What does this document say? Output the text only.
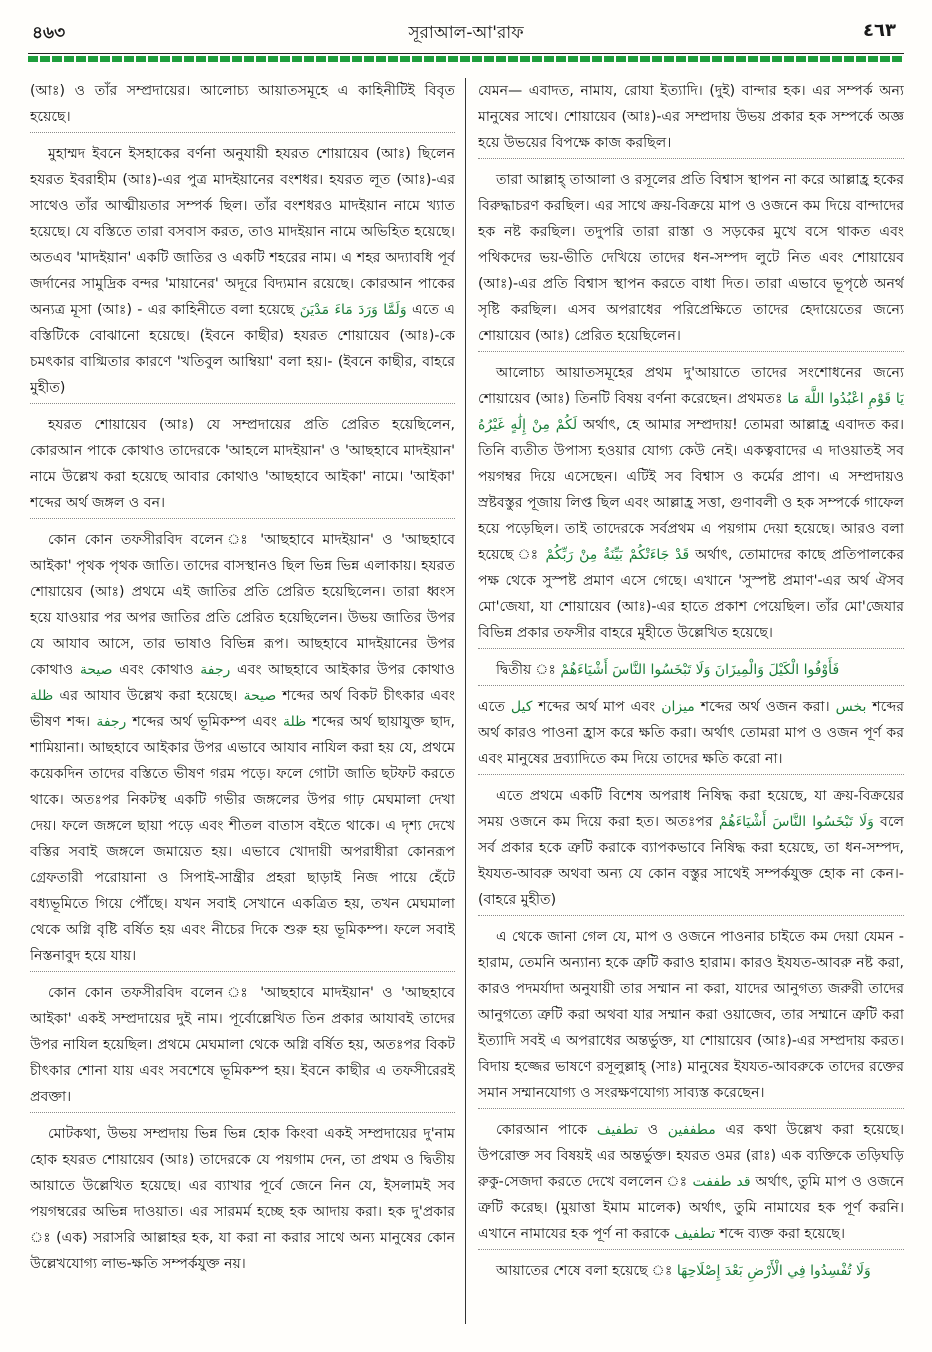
৪৬৩	সূরাআল-আ'রাফ	٤٦٣

(আঃ) ও তাঁর সম্প্রদায়ের। আলোচ্য আয়াতসমূহে এ কাহিনীটিই বিবৃত হয়েছে।

মুহাম্মদ ইবনে ইসহাকের বর্ণনা অনুযায়ী হযরত শোয়ায়েব (আঃ) ছিলেন হযরত ইবরাহীম (আঃ)-এর পুত্র মাদইয়ানের বংশধর। হযরত লূত (আঃ)-এর সাথেও তাঁর আত্মীয়তার সম্পর্ক ছিল। তাঁর বংশধরও মাদইয়ান নামে খ্যাত হয়েছে। যে বস্তিতে তারা বসবাস করত, তাও মাদইয়ান নামে অভিহিত হয়েছে। অতএব 'মাদইয়ান' একটি জাতির ও একটি শহরের নাম। এ শহর অদ্যাবধি পূর্ব জর্দানের সামুদ্রিক বন্দর 'মায়ানের' অদূরে বিদ্যমান রয়েছে। কোরআন পাকের অন্যত্র মূসা (আঃ) - এর কাহিনীতে বলা হয়েছে وَلَمَّا وَرَدَ مَاءَ مَدْيَنَ এতে এ বস্তিটিকে বোঝানো হয়েছে। (ইবনে কাছীর) হযরত শোয়ায়েব (আঃ)-কে চমৎকার বাগ্মিতার কারণে 'খতিবুল আম্বিয়া' বলা হয়।- (ইবনে কাছীর, বাহরে মুহীত)

হযরত শোয়ায়েব (আঃ) যে সম্প্রদায়ের প্রতি প্রেরিত হয়েছিলেন, কোরআন পাকে কোথাও তাদেরকে 'আহলে মাদইয়ান' ও 'আছহাবে মাদইয়ান' নামে উল্লেখ করা হয়েছে আবার কোথাও 'আছহাবে আইকা' নামে। 'আইকা' শব্দের অর্থ জঙ্গল ও বন।

কোন কোন তফসীরবিদ বলেন ঃ 'আছহাবে মাদইয়ান' ও 'আছহাবে আইকা' পৃথক পৃথক জাতি। তাদের বাসস্থানও ছিল ভিন্ন ভিন্ন এলাকায়। হযরত শোয়ায়েব (আঃ) প্রথমে এই জাতির প্রতি প্রেরিত হয়েছিলেন। তারা ধ্বংস হয়ে যাওয়ার পর অপর জাতির প্রতি প্রেরিত হয়েছিলেন। উভয় জাতির উপর যে আযাব আসে, তার ভাষাও বিভিন্ন রূপ। আছহাবে মাদইয়ানের উপর কোথাও صيحة এবং কোথাও رجفة এবং আছহাবে আইকার উপর কোথাও ظلة এর আযাব উল্লেখ করা হয়েছে। صيحة শব্দের অর্থ বিকট চীৎকার এবং ভীষণ শব্দ। رجفة শব্দের অর্থ ভূমিকম্প এবং ظلة শব্দের অর্থ ছায়াযুক্ত ছাদ, শামিয়ানা। আছহাবে আইকার উপর এভাবে আযাব নাযিল করা হয় যে, প্রথমে কয়েকদিন তাদের বস্তিতে ভীষণ গরম পড়ে। ফলে গোটা জাতি ছটফট করতে থাকে। অতঃপর নিকটস্থ একটি গভীর জঙ্গলের উপর গাঢ় মেঘমালা দেখা দেয়। ফলে জঙ্গলে ছায়া পড়ে এবং শীতল বাতাস বইতে থাকে। এ দৃশ্য দেখে বস্তির সবাই জঙ্গলে জমায়েত হয়। এভাবে খোদায়ী অপরাধীরা কোনরূপ গ্রেফতারী পরোয়ানা ও সিপাই-সান্ত্রীর প্রহরা ছাড়াই নিজ পায়ে হেঁটে বধ্যভূমিতে গিয়ে পৌঁছে। যখন সবাই সেখানে একত্রিত হয়, তখন মেঘমালা থেকে অগ্নি বৃষ্টি বর্ষিত হয় এবং নীচের দিকে শুরু হয় ভূমিকম্প। ফলে সবাই নিস্তনাবুদ হয়ে যায়।

কোন কোন তফসীরবিদ বলেন ঃ 'আছহাবে মাদইয়ান' ও 'আছহাবে আইকা' একই সম্প্রদায়ের দুই নাম। পূর্বোল্লেখিত তিন প্রকার আযাবই তাদের উপর নাযিল হয়েছিল। প্রথমে মেঘমালা থেকে অগ্নি বর্ষিত হয়, অতঃপর বিকট চীৎকার শোনা যায় এবং সবশেষে ভূমিকম্প হয়। ইবনে কাছীর এ তফসীরেরই প্রবক্তা।

মোটকথা, উভয় সম্প্রদায় ভিন্ন ভিন্ন হোক কিংবা একই সম্প্রদায়ের দু'নাম হোক হযরত শোয়ায়েব (আঃ) তাদেরকে যে পয়গাম দেন, তা প্রথম ও দ্বিতীয় আয়াতে উল্লেখিত হয়েছে। এর ব্যাখার পূর্বে জেনে নিন যে, ইসলামই সব পয়গম্বরের অভিন্ন দাওয়াত। এর সারমর্ম হচ্ছে হক আদায় করা। হক দু'প্রকার ঃ (এক) সরাসরি আল্লাহর হক, যা করা না করার সাথে অন্য মানুষের কোন উল্লেখযোগ্য লাভ-ক্ষতি সম্পর্কযুক্ত নয়।

যেমন— এবাদত, নামায, রোযা ইত্যাদি। (দুই) বান্দার হক। এর সম্পর্ক অন্য মানুষের সাথে। শোয়ায়েব (আঃ)-এর সম্প্রদায় উভয় প্রকার হক সম্পর্কে অজ্ঞ হয়ে উভয়ের বিপক্ষে কাজ করছিল।

তারা আল্লাহ্ তাআলা ও রসূলের প্রতি বিশ্বাস স্থাপন না করে আল্লাহ্র হকের বিরুদ্ধাচরণ করছিল। এর সাথে ক্রয়-বিক্রয়ে মাপ ও ওজনে কম দিয়ে বান্দাদের হক নষ্ট করছিল। তদুপরি তারা রাস্তা ও সড়কের মুখে বসে থাকত এবং পথিকদের ভয়-ভীতি দেখিয়ে তাদের ধন-সম্পদ লুটে নিত এবং শোয়ায়েব (আঃ)-এর প্রতি বিশ্বাস স্থাপন করতে বাধা দিত। তারা এভাবে ভূপৃষ্ঠে অনর্থ সৃষ্টি করছিল। এসব অপরাধের পরিপ্রেক্ষিতে তাদের হেদায়েতের জন্যে শোয়ায়েব (আঃ) প্রেরিত হয়েছিলেন।

আলোচ্য আয়াতসমূহের প্রথম দু'আয়াতে তাদের সংশোধনের জন্যে শোয়ায়েব (আঃ) তিনটি বিষয় বর্ণনা করেছেন। প্রথমতঃ يَا قَوْمِ اعْبُدُوا اللَّهَ مَا لَكُمْ مِنْ إِلَٰهٍ غَيْرُهُ অর্থাৎ, হে আমার সম্প্রদায়! তোমরা আল্লাহ্র এবাদত কর। তিনি ব্যতীত উপাস্য হওয়ার যোগ্য কেউ নেই। একত্ববাদের এ দাওয়াতই সব পয়গম্বর দিয়ে এসেছেন। এটিই সব বিশ্বাস ও কর্মের প্রাণ। এ সম্প্রদায়ও স্রষ্টবস্তুর পূজায় লিপ্ত ছিল এবং আল্লাহ্র সত্তা, গুণাবলী ও হক সম্পর্কে গাফেল হয়ে পড়েছিল। তাই তাদেরকে সর্বপ্রথম এ পয়গাম দেয়া হয়েছে। আরও বলা হয়েছে ঃ قَدْ جَاءَتْكُمْ بَيِّنَةٌ مِنْ رَبِّكُمْ অর্থাৎ, তোমাদের কাছে প্রতিপালকের পক্ষ থেকে সুস্পষ্ট প্রমাণ এসে গেছে। এখানে 'সুস্পষ্ট প্রমাণ'-এর অর্থ ঐসব মো'জেযা, যা শোয়ায়েব (আঃ)-এর হাতে প্রকাশ পেয়েছিল। তাঁর মো'জেযার বিভিন্ন প্রকার তফসীর বাহরে মুহীতে উল্লেখিত হয়েছে।

দ্বিতীয় ঃ فَأَوْفُوا الْكَيْلَ وَالْمِيزَانَ وَلَا تَبْخَسُوا النَّاسَ أَشْيَاءَهُمْ

এতে كيل শব্দের অর্থ মাপ এবং ميزان শব্দের অর্থ ওজন করা। بخس শব্দের অর্থ কারও পাওনা হ্রাস করে ক্ষতি করা। অর্থাৎ তোমরা মাপ ও ওজন পূর্ণ কর এবং মানুষের দ্রব্যাদিতে কম দিয়ে তাদের ক্ষতি করো না।

এতে প্রথমে একটি বিশেষ অপরাধ নিষিদ্ধ করা হয়েছে, যা ক্রয়-বিক্রয়ের সময় ওজনে কম দিয়ে করা হত। অতঃপর وَلَا تَبْخَسُوا النَّاسَ أَشْيَاءَهُمْ বলে সর্ব প্রকার হকে ত্রুটি করাকে ব্যাপকভাবে নিষিদ্ধ করা হয়েছে, তা ধন-সম্পদ, ইযযত-আবরু অথবা অন্য যে কোন বস্তুর সাথেই সম্পর্কযুক্ত হোক না কেন।- (বাহরে মুহীত)

এ থেকে জানা গেল যে, মাপ ও ওজনে পাওনার চাইতে কম দেয়া যেমন - হারাম, তেমনি অন্যান্য হকে ত্রুটি করাও হারাম। কারও ইযযত-আবরু নষ্ট করা, কারও পদমর্যাদা অনুযায়ী তার সম্মান না করা, যাদের আনুগত্য জরুরী তাদের আনুগত্যে ত্রুটি করা অথবা যার সম্মান করা ওয়াজেব, তার সম্মানে ত্রুটি করা ইত্যাদি সবই এ অপরাধের অন্তর্ভুক্ত, যা শোয়ায়েব (আঃ)-এর সম্প্রদায় করত। বিদায় হজ্জের ভাষণে রসূলুল্লাহ্ (সাঃ) মানুষের ইযযত-আবরুকে তাদের রক্তের সমান সম্মানযোগ্য ও সংরক্ষণযোগ্য সাব্যস্ত করেছেন।

কোরআন পাকে تطفيف ও مطففين এর কথা উল্লেখ করা হয়েছে। উপরোক্ত সব বিষয়ই এর অন্তর্ভুক্ত। হযরত ওমর (রাঃ) এক ব্যক্তিকে তড়িঘড়ি রুকু-সেজদা করতে দেখে বললেন ঃ قد طففت অর্থাৎ, তুমি মাপ ও ওজনে ত্রুটি করেছ। (মুয়াত্তা ইমাম মালেক) অর্থাৎ, তুমি নামাযের হক পূর্ণ করনি। এখানে নামাযের হক পূর্ণ না করাকে تطفيف শব্দে ব্যক্ত করা হয়েছে।

আয়াতের শেষে বলা হয়েছে ঃ وَلَا تُفْسِدُوا فِي الْأَرْضِ بَعْدَ إِصْلَاحِهَا
